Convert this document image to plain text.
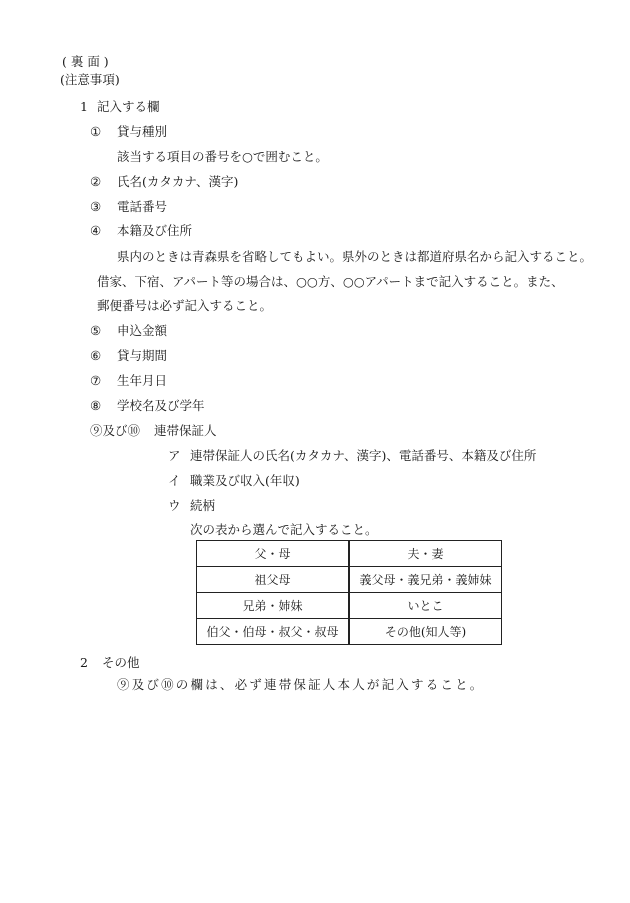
( 裏 面 )
(注意事項)
1 記入する欄
① 貸与種別
該当する項目の番号を○で囲むこと。
② 氏名(カタカナ、漢字)
③ 電話番号
④ 本籍及び住所
県内のときは青森県を省略してもよい。県外のときは都道府県名から記入すること。
借家、下宿、アパート等の場合は、○○方、○○アパートまで記入すること。また、
郵便番号は必ず記入すること。
⑤ 申込金額
⑥ 貸与期間
⑦ 生年月日
⑧ 学校名及び学年
⑨及び⑩ 連帯保証人
ア 連帯保証人の氏名(カタカナ、漢字)、電話番号、本籍及び住所
イ 職業及び収入(年収)
ウ 続柄
次の表から選んで記入すること。
父・母	夫・妻
祖父母	義父母・義兄弟・義姉妹
兄弟・姉妹	いとこ
伯父・伯母・叔父・叔母	その他(知人等)
2 その他
⑨及び⑩の欄は、必ず連帯保証人本人が記入すること。
